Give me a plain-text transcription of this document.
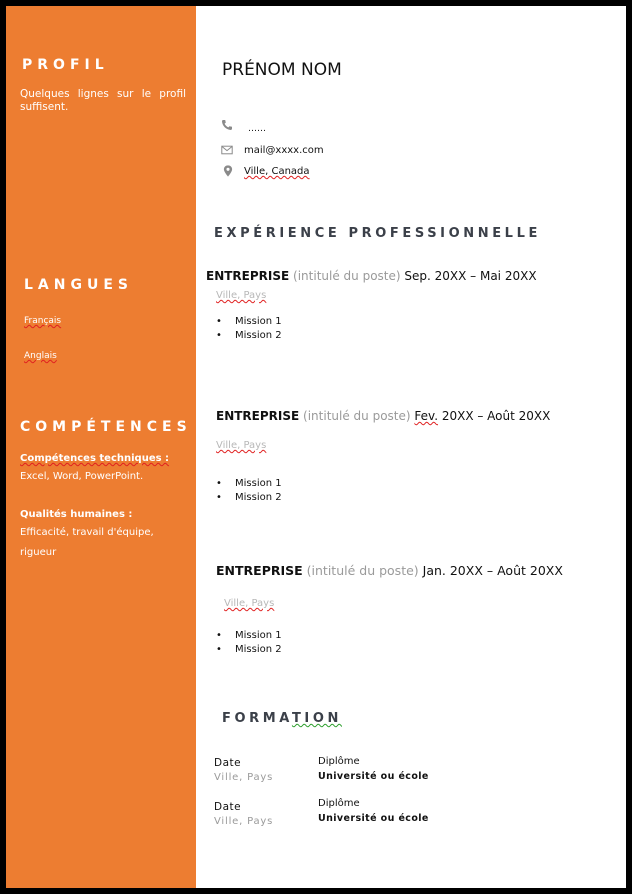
PROFIL
Quelques lignes sur le profil suffisent.
LANGUES
Français
Anglais
COMPÉTENCES
Compétences techniques :
Excel, Word, PowerPoint.
Qualités humaines :
Efficacité, travail d'équipe,
rigueur
PRÉNOM NOM
……
mail@xxxx.com
Ville, Canada
EXPÉRIENCE PROFESSIONNELLE
ENTREPRISE (intitulé du poste) Sep. 20XX – Mai 20XX
Ville, Pays
• Mission 1
• Mission 2
ENTREPRISE (intitulé du poste) Fev. 20XX – Août 20XX
Ville, Pays
• Mission 1
• Mission 2
ENTREPRISE (intitulé du poste) Jan. 20XX – Août 20XX
Ville, Pays
• Mission 1
• Mission 2
FORMATION
Date
Ville, Pays
Diplôme
Université ou école
Date
Ville, Pays
Diplôme
Université ou école
